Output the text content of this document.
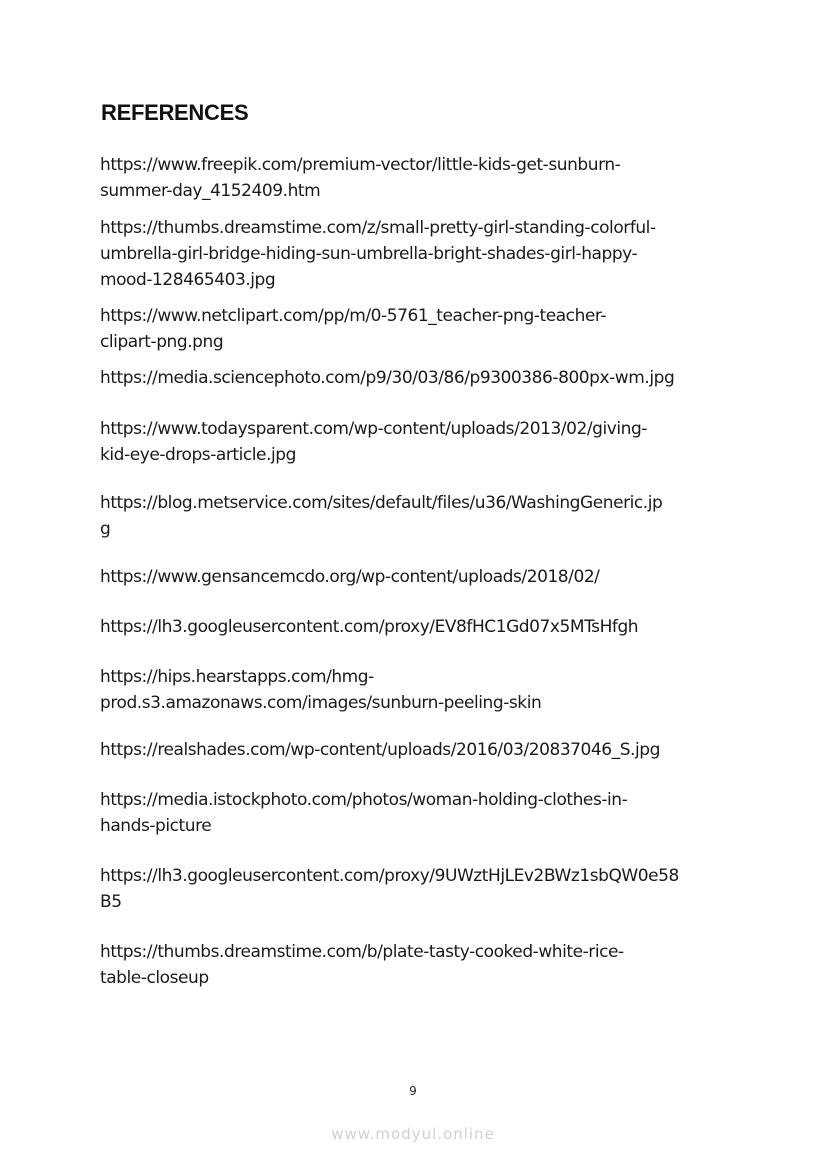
REFERENCES
https://www.freepik.com/premium-vector/little-kids-get-sunburn-
summer-day_4152409.htm
https://thumbs.dreamstime.com/z/small-pretty-girl-standing-colorful-
umbrella-girl-bridge-hiding-sun-umbrella-bright-shades-girl-happy-
mood-128465403.jpg
https://www.netclipart.com/pp/m/0-5761_teacher-png-teacher-
clipart-png.png
https://media.sciencephoto.com/p9/30/03/86/p9300386-800px-wm.jpg
https://www.todaysparent.com/wp-content/uploads/2013/02/giving-
kid-eye-drops-article.jpg
https://blog.metservice.com/sites/default/files/u36/WashingGeneric.jp
g
https://www.gensancemcdo.org/wp-content/uploads/2018/02/
https://lh3.googleusercontent.com/proxy/EV8fHC1Gd07x5MTsHfgh
https://hips.hearstapps.com/hmg-
prod.s3.amazonaws.com/images/sunburn-peeling-skin
https://realshades.com/wp-content/uploads/2016/03/20837046_S.jpg
https://media.istockphoto.com/photos/woman-holding-clothes-in-
hands-picture
https://lh3.googleusercontent.com/proxy/9UWztHjLEv2BWz1sbQW0e58
B5
https://thumbs.dreamstime.com/b/plate-tasty-cooked-white-rice-
table-closeup
9
www.modyul.online
